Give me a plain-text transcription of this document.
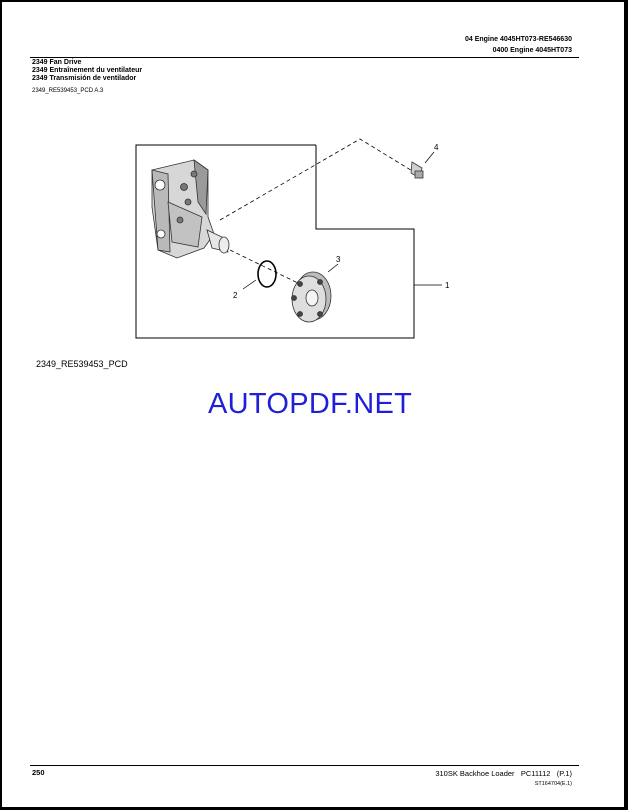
04 Engine 4045HT073-RE546630
0400 Engine 4045HT073
2349 Fan Drive
2349 Entraînement du ventilateur
2349 Transmisión de ventilador
2349_RE539453_PCD A.3
1
2
3
4
2349_RE539453_PCD
AUTOPDF.NET
250	310SK Backhoe Loader PC11112 (P.1)
ST164704(E.1)
